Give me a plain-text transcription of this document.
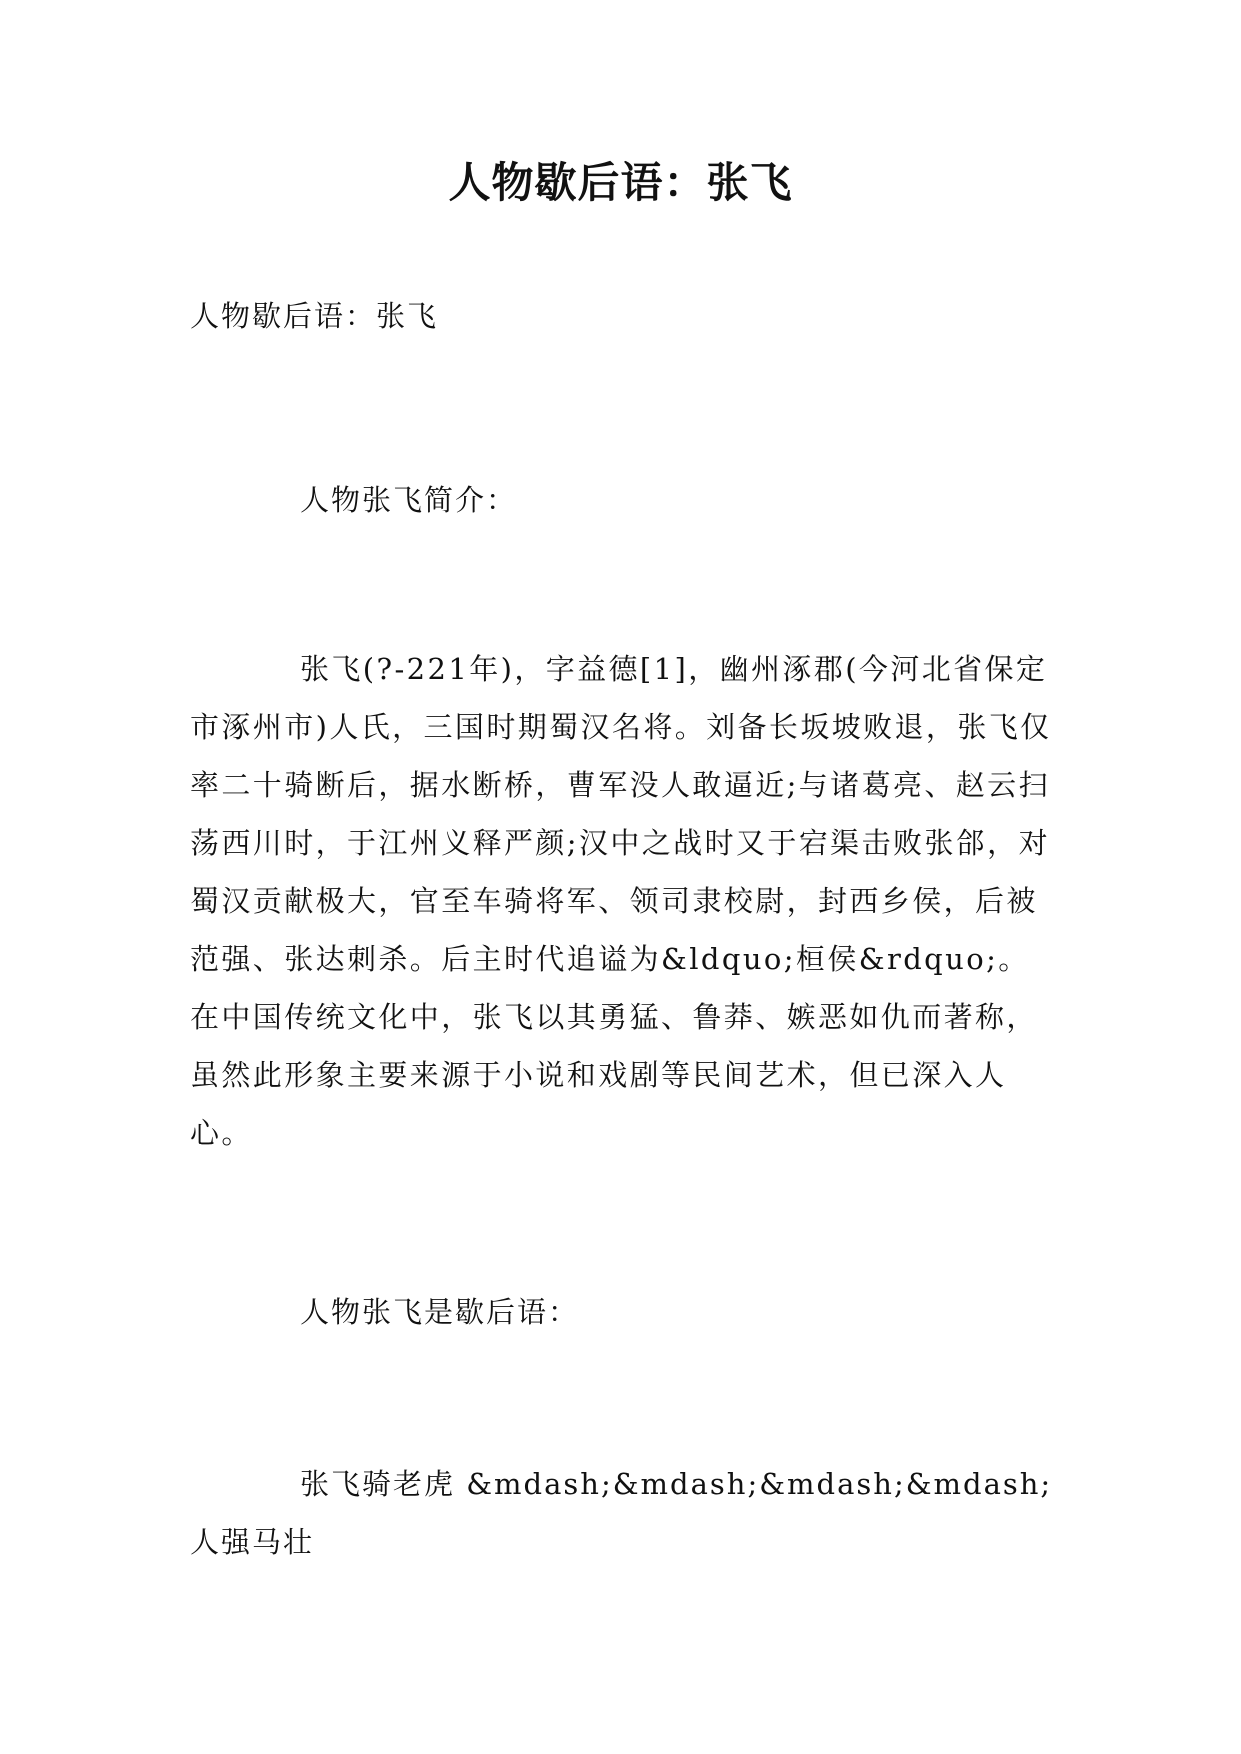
人物歇后语：张飞

人物歇后语：张飞

人物张飞简介：

张飞(?-221年)，字益德[1]，幽州涿郡(今河北省保定市涿州市)人氏，三国时期蜀汉名将。刘备长坂坡败退，张飞仅率二十骑断后，据水断桥，曹军没人敢逼近;与诸葛亮、赵云扫荡西川时，于江州义释严颜;汉中之战时又于宕渠击败张郃，对蜀汉贡献极大，官至车骑将军、领司隶校尉，封西乡侯，后被范强、张达刺杀。后主时代追谥为&ldquo;桓侯&rdquo;。在中国传统文化中，张飞以其勇猛、鲁莽、嫉恶如仇而著称，虽然此形象主要来源于小说和戏剧等民间艺术，但已深入人心。

人物张飞是歇后语：

张飞骑老虎 &mdash;&mdash;&mdash;&mdash; 人强马壮
